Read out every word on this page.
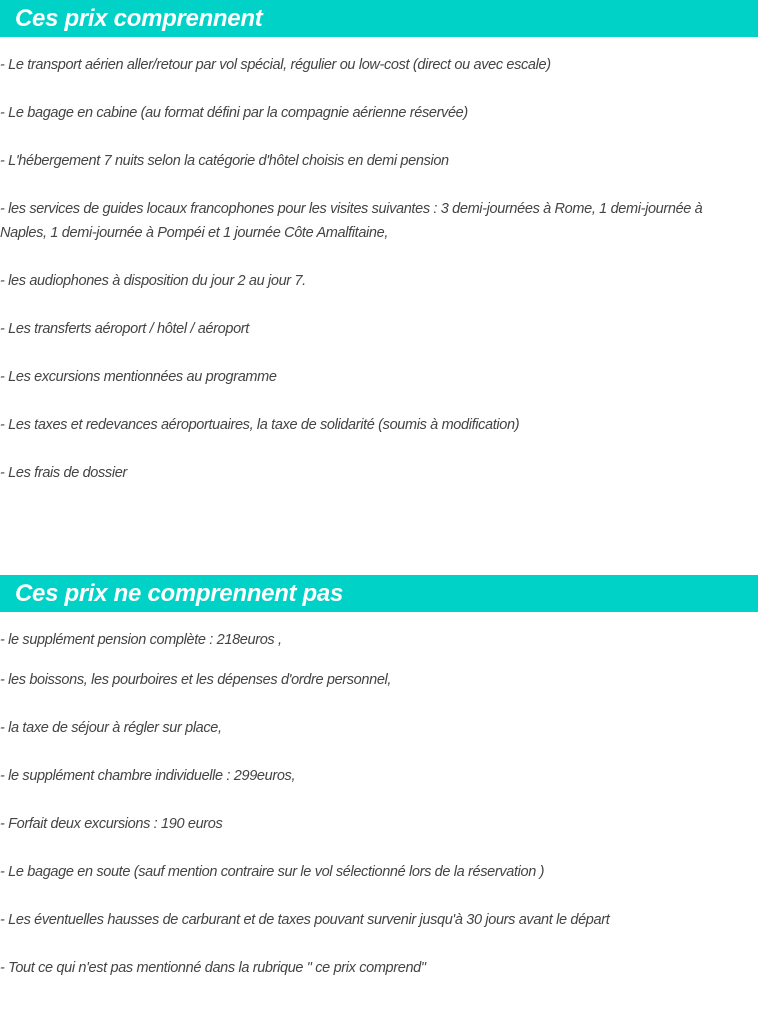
Ces prix comprennent
- Le transport aérien aller/retour par vol spécial, régulier ou low-cost (direct ou avec escale)
- Le bagage en cabine (au format défini par la compagnie aérienne réservée)
- L'hébergement 7 nuits selon la catégorie d'hôtel choisis en demi pension
- les services de guides locaux francophones pour les visites suivantes : 3 demi-journées à Rome, 1 demi-journée à Naples, 1 demi-journée à Pompéi et 1 journée Côte Amalfitaine,
- les audiophones à disposition du jour 2 au jour 7.
- Les transferts aéroport / hôtel / aéroport
- Les excursions mentionnées au programme
- Les taxes et redevances aéroportuaires, la taxe de solidarité (soumis à modification)
- Les frais de dossier
Ces prix ne comprennent pas
- le supplément pension complète : 218euros ,
- les boissons, les pourboires et les dépenses d'ordre personnel,
- la taxe de séjour à régler sur place,
- le supplément chambre individuelle : 299euros,
- Forfait deux excursions : 190 euros
- Le bagage en soute (sauf mention contraire sur le vol sélectionné lors de la réservation )
- Les éventuelles hausses de carburant et de taxes pouvant survenir jusqu'à 30 jours avant le départ
- Tout ce qui n'est pas mentionné dans la rubrique " ce prix comprend"
